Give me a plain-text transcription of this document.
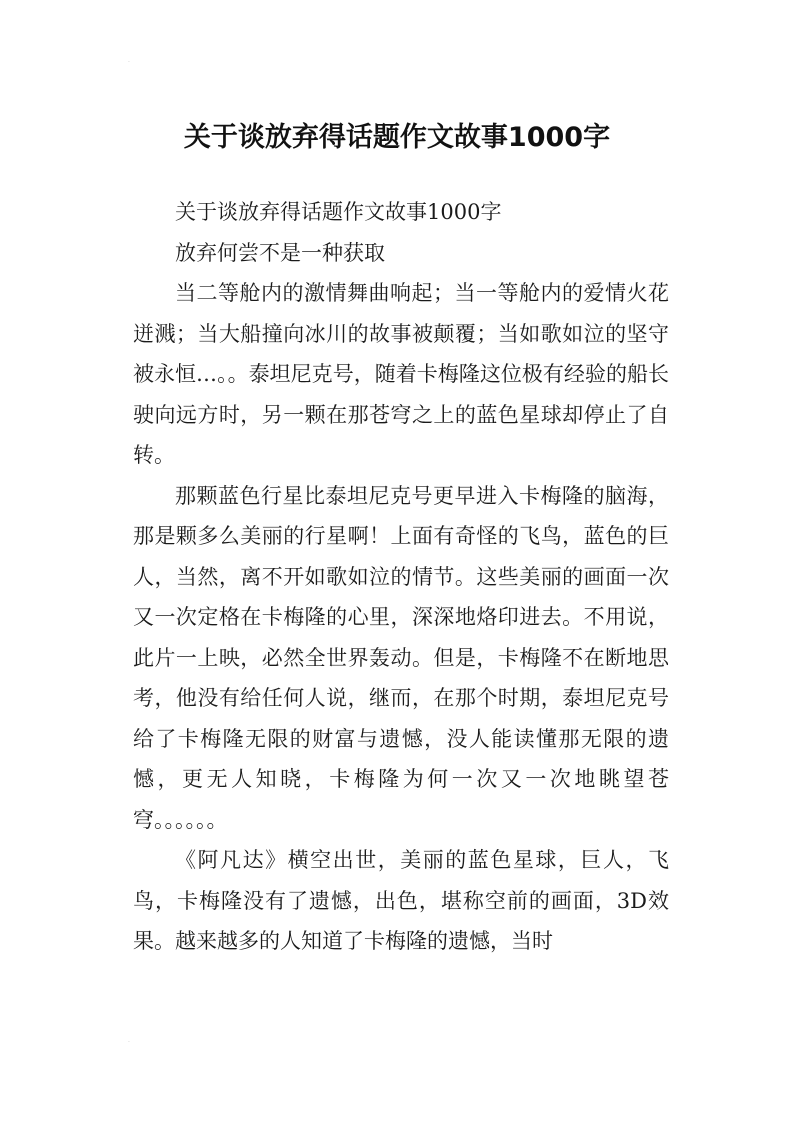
·
关于谈放弃得话题作文故事1000字

关于谈放弃得话题作文故事1000字

放弃何尝不是一种获取

当二等舱内的激情舞曲响起；当一等舱内的爱情火花迸溅；当大船撞向冰川的故事被颠覆；当如歌如泣的坚守被永恒…。。泰坦尼克号，随着卡梅隆这位极有经验的船长驶向远方时，另一颗在那苍穹之上的蓝色星球却停止了自转。

那颗蓝色行星比泰坦尼克号更早进入卡梅隆的脑海，那是颗多么美丽的行星啊！上面有奇怪的飞鸟，蓝色的巨人，当然，离不开如歌如泣的情节。这些美丽的画面一次又一次定格在卡梅隆的心里，深深地烙印进去。不用说，此片一上映，必然全世界轰动。但是，卡梅隆不在断地思考，他没有给任何人说，继而，在那个时期，泰坦尼克号给了卡梅隆无限的财富与遗憾，没人能读懂那无限的遗憾，更无人知晓，卡梅隆为何一次又一次地眺望苍穹。。。。。。

《阿凡达》横空出世，美丽的蓝色星球，巨人，飞鸟，卡梅隆没有了遗憾，出色，堪称空前的画面，3D效果。越来越多的人知道了卡梅隆的遗憾，当时

·
